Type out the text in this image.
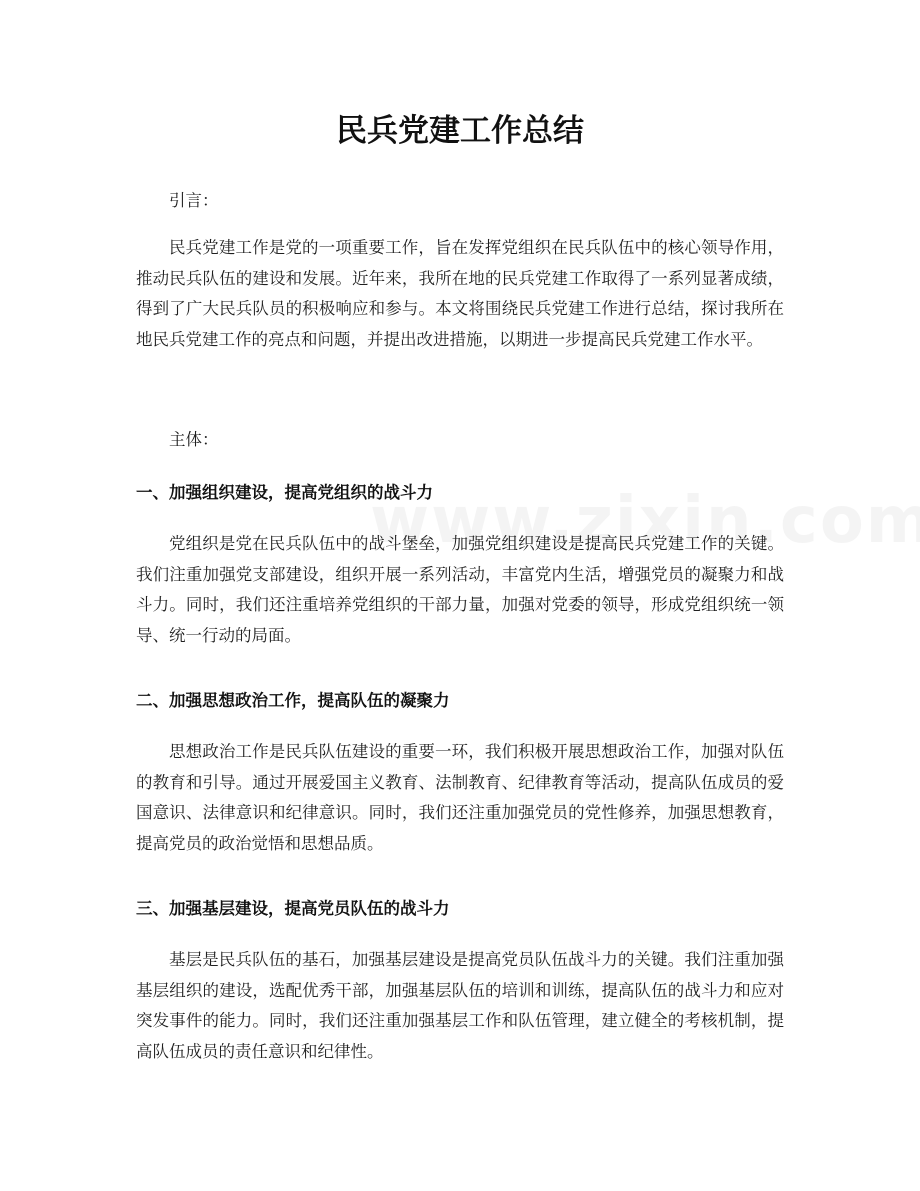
民兵党建工作总结

引言：

民兵党建工作是党的一项重要工作，旨在发挥党组织在民兵队伍中的核心领导作用，推动民兵队伍的建设和发展。近年来，我所在地的民兵党建工作取得了一系列显著成绩，得到了广大民兵队员的积极响应和参与。本文将围绕民兵党建工作进行总结，探讨我所在地民兵党建工作的亮点和问题，并提出改进措施，以期进一步提高民兵党建工作水平。

主体：

一、加强组织建设，提高党组织的战斗力

党组织是党在民兵队伍中的战斗堡垒，加强党组织建设是提高民兵党建工作的关键。我们注重加强党支部建设，组织开展一系列活动，丰富党内生活，增强党员的凝聚力和战斗力。同时，我们还注重培养党组织的干部力量，加强对党委的领导，形成党组织统一领导、统一行动的局面。

二、加强思想政治工作，提高队伍的凝聚力

思想政治工作是民兵队伍建设的重要一环，我们积极开展思想政治工作，加强对队伍的教育和引导。通过开展爱国主义教育、法制教育、纪律教育等活动，提高队伍成员的爱国意识、法律意识和纪律意识。同时，我们还注重加强党员的党性修养，加强思想教育，提高党员的政治觉悟和思想品质。

三、加强基层建设，提高党员队伍的战斗力

基层是民兵队伍的基石，加强基层建设是提高党员队伍战斗力的关键。我们注重加强基层组织的建设，选配优秀干部，加强基层队伍的培训和训练，提高队伍的战斗力和应对突发事件的能力。同时，我们还注重加强基层工作和队伍管理，建立健全的考核机制，提高队伍成员的责任意识和纪律性。
